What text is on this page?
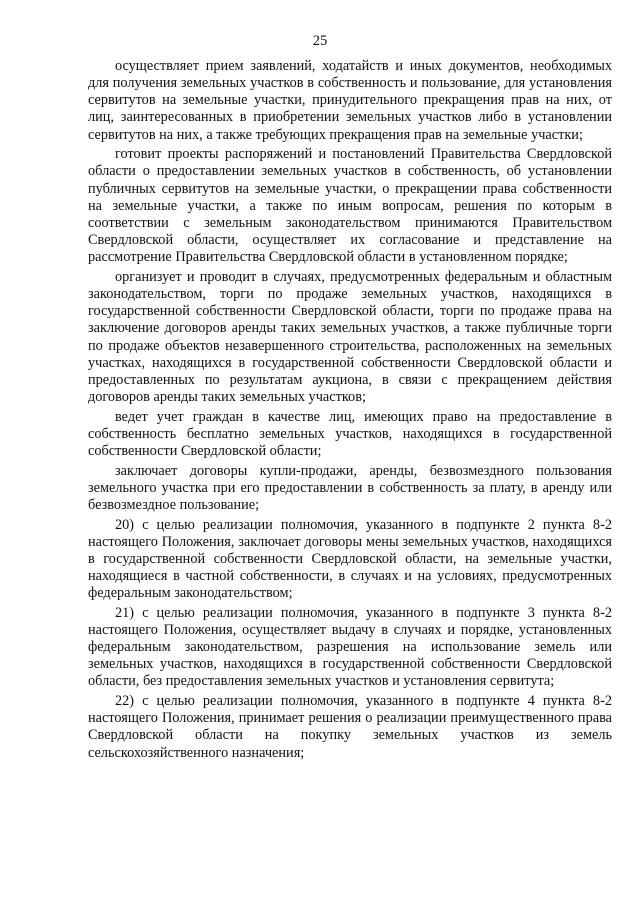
25

осуществляет прием заявлений, ходатайств и иных документов, необходимых для получения земельных участков в собственность и пользование, для установления сервитутов на земельные участки, принудительного прекращения прав на них, от лиц, заинтересованных в приобретении земельных участков либо в установлении сервитутов на них, а также требующих прекращения прав на земельные участки;

готовит проекты распоряжений и постановлений Правительства Свердловской области о предоставлении земельных участков в собственность, об установлении публичных сервитутов на земельные участки, о прекращении права собственности на земельные участки, а также по иным вопросам, решения по которым в соответствии с земельным законодательством принимаются Правительством Свердловской области, осуществляет их согласование и представление на рассмотрение Правительства Свердловской области в установленном порядке;

организует и проводит в случаях, предусмотренных федеральным и областным законодательством, торги по продаже земельных участков, находящихся в государственной собственности Свердловской области, торги по продаже права на заключение договоров аренды таких земельных участков, а также публичные торги по продаже объектов незавершенного строительства, расположенных на земельных участках, находящихся в государственной собственности Свердловской области и предоставленных по результатам аукциона, в связи с прекращением действия договоров аренды таких земельных участков;

ведет учет граждан в качестве лиц, имеющих право на предоставление в собственность бесплатно земельных участков, находящихся в государственной собственности Свердловской области;

заключает договоры купли-продажи, аренды, безвозмездного пользования земельного участка при его предоставлении в собственность за плату, в аренду или безвозмездное пользование;

20) с целью реализации полномочия, указанного в подпункте 2 пункта 8-2 настоящего Положения, заключает договоры мены земельных участков, находящихся в государственной собственности Свердловской области, на земельные участки, находящиеся в частной собственности, в случаях и на условиях, предусмотренных федеральным законодательством;

21) с целью реализации полномочия, указанного в подпункте 3 пункта 8-2 настоящего Положения, осуществляет выдачу в случаях и порядке, установленных федеральным законодательством, разрешения на использование земель или земельных участков, находящихся в государственной собственности Свердловской области, без предоставления земельных участков и установления сервитута;

22) с целью реализации полномочия, указанного в подпункте 4 пункта 8-2 настоящего Положения, принимает решения о реализации преимущественного права Свердловской области на покупку земельных участков из земель сельскохозяйственного назначения;
